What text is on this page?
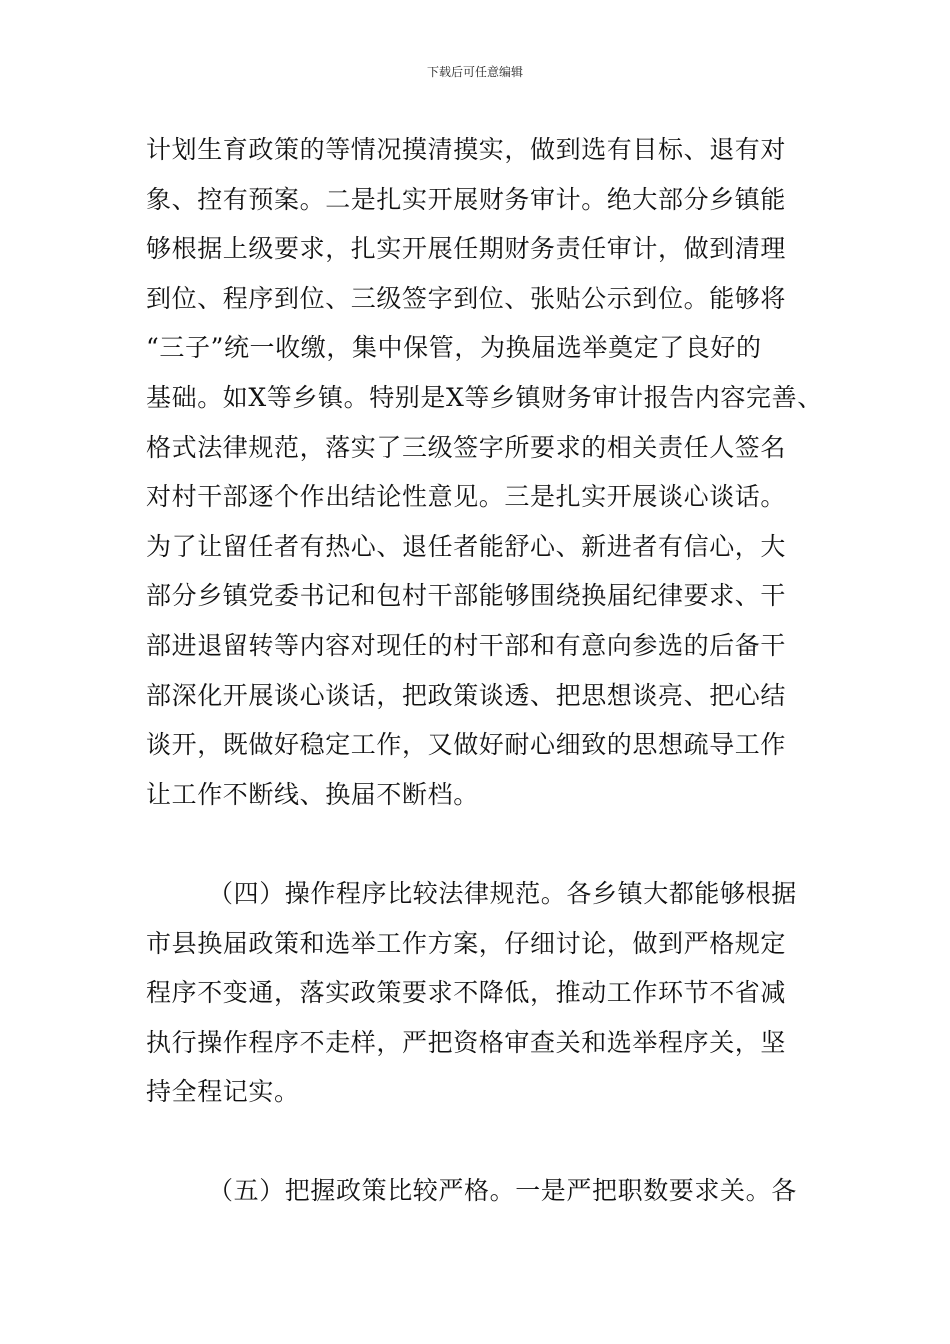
下载后可任意编辑
计划生育政策的等情况摸清摸实，做到选有目标、退有对
象、控有预案。二是扎实开展财务审计。绝大部分乡镇能
够根据上级要求，扎实开展任期财务责任审计，做到清理
到位、程序到位、三级签字到位、张贴公示到位。能够将
“三子”统一收缴，集中保管，为换届选举奠定了良好的
基础。如X等乡镇。特别是X等乡镇财务审计报告内容完善、
格式法律规范，落实了三级签字所要求的相关责任人签名
对村干部逐个作出结论性意见。三是扎实开展谈心谈话。
为了让留任者有热心、退任者能舒心、新进者有信心，大
部分乡镇党委书记和包村干部能够围绕换届纪律要求、干
部进退留转等内容对现任的村干部和有意向参选的后备干
部深化开展谈心谈话，把政策谈透、把思想谈亮、把心结
谈开，既做好稳定工作，又做好耐心细致的思想疏导工作
让工作不断线、换届不断档。
（四）操作程序比较法律规范。各乡镇大都能够根据
市县换届政策和选举工作方案，仔细讨论，做到严格规定
程序不变通，落实政策要求不降低，推动工作环节不省减
执行操作程序不走样，严把资格审查关和选举程序关，坚
持全程记实。
（五）把握政策比较严格。一是严把职数要求关。各
